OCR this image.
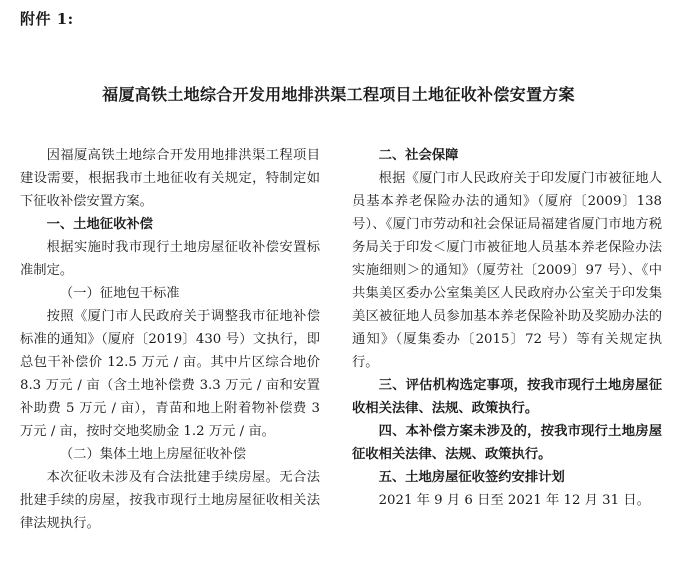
附件 1:
福厦高铁土地综合开发用地排洪渠工程项目土地征收补偿安置方案

因福厦高铁土地综合开发用地排洪渠工程项目建设需要，根据我市土地征收有关规定，特制定如下征收补偿安置方案。

一、土地征收补偿

根据实施时我市现行土地房屋征收补偿安置标准制定。

（一）征地包干标准

按照《厦门市人民政府关于调整我市征地补偿标准的通知》（厦府〔2019〕430 号）文执行，即总包干补偿价 12.5 万元 / 亩。其中片区综合地价 8.3 万元 / 亩（含土地补偿费 3.3 万元 / 亩和安置补助费 5 万元 / 亩），青苗和地上附着物补偿费 3 万元 / 亩，按时交地奖励金 1.2 万元 / 亩。

（二）集体土地上房屋征收补偿

本次征收未涉及有合法批建手续房屋。无合法批建手续的房屋，按我市现行土地房屋征收相关法律法规执行。

二、社会保障

根据《厦门市人民政府关于印发厦门市被征地人员基本养老保险办法的通知》（厦府〔2009〕138 号）、《厦门市劳动和社会保证局福建省厦门市地方税务局关于印发＜厦门市被征地人员基本养老保险办法实施细则＞的通知》（厦劳社〔2009〕97 号）、《中共集美区委办公室集美区人民政府办公室关于印发集美区被征地人员参加基本养老保险补助及奖励办法的通知》（厦集委办〔2015〕72 号）等有关规定执行。

三、评估机构选定事项，按我市现行土地房屋征收相关法律、法规、政策执行。

四、本补偿方案未涉及的，按我市现行土地房屋征收相关法律、法规、政策执行。

五、土地房屋征收签约安排计划

2021 年 9 月 6 日至 2021 年 12 月 31 日。
